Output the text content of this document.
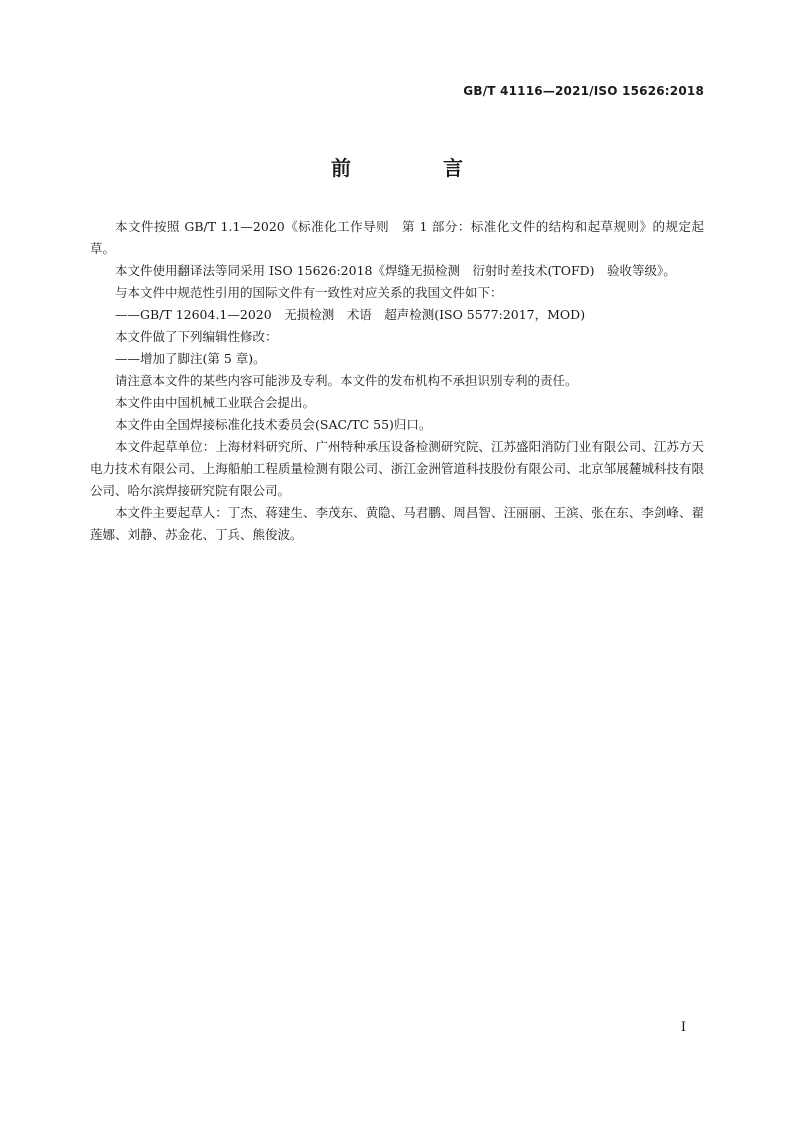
GB/T 41116—2021/ISO 15626:2018
前　言

本文件按照 GB/T 1.1—2020《标准化工作导则　第 1 部分：标准化文件的结构和起草规则》的规定起草。

本文件使用翻译法等同采用 ISO 15626:2018《焊缝无损检测　衍射时差技术(TOFD)　验收等级》。

与本文件中规范性引用的国际文件有一致性对应关系的我国文件如下：

——GB/T 12604.1—2020　无损检测　术语　超声检测(ISO 5577:2017，MOD)

本文件做了下列编辑性修改：

——增加了脚注(第 5 章)。

请注意本文件的某些内容可能涉及专利。本文件的发布机构不承担识别专利的责任。

本文件由中国机械工业联合会提出。

本文件由全国焊接标准化技术委员会(SAC/TC 55)归口。

本文件起草单位：上海材料研究所、广州特种承压设备检测研究院、江苏盛阳消防门业有限公司、江苏方天电力技术有限公司、上海船舶工程质量检测有限公司、浙江金洲管道科技股份有限公司、北京邹展麓城科技有限公司、哈尔滨焊接研究院有限公司。

本文件主要起草人：丁杰、蒋建生、李茂东、黄隐、马君鹏、周昌智、汪丽丽、王滨、张在东、李剑峰、翟莲娜、刘静、苏金花、丁兵、熊俊波。

I
